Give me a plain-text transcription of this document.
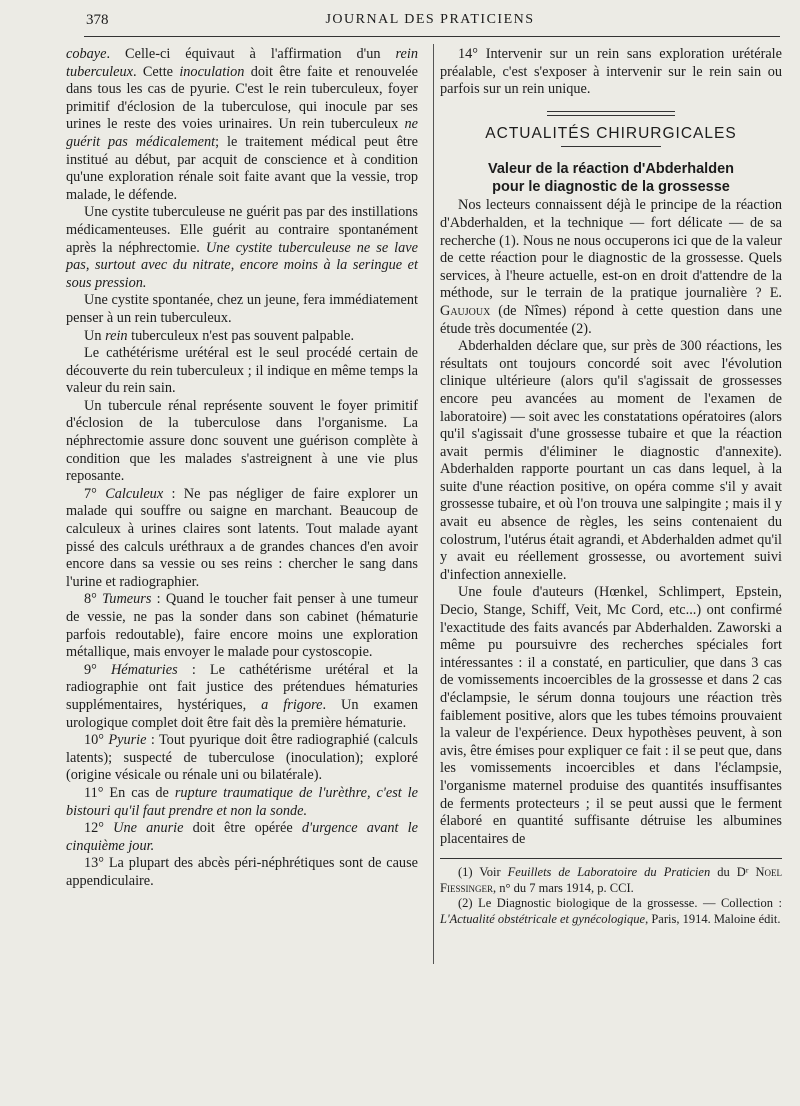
378	JOURNAL DES PRATICIENS

cobaye. Celle-ci équivaut à l'affirmation d'un rein tuberculeux. Cette inoculation doit être faite et renouvelée dans tous les cas de pyurie. C'est le rein tuberculeux, foyer primitif d'éclosion de la tuberculose, qui inocule par ses urines le reste des voies urinaires. Un rein tuberculeux ne guérit pas médicalement; le traitement médical peut être institué au début, par acquit de conscience et à condition qu'une exploration rénale soit faite avant que la vessie, trop malade, le défende.

Une cystite tuberculeuse ne guérit pas par des instillations médicamenteuses. Elle guérit au contraire spontanément après la néphrectomie. Une cystite tuberculeuse ne se lave pas, surtout avec du nitrate, encore moins à la seringue et sous pression.

Une cystite spontanée, chez un jeune, fera immédiatement penser à un rein tuberculeux.

Un rein tuberculeux n'est pas souvent palpable.

Le cathétérisme urétéral est le seul procédé certain de découverte du rein tuberculeux ; il indique en même temps la valeur du rein sain.

Un tubercule rénal représente souvent le foyer primitif d'éclosion de la tuberculose dans l'organisme. La néphrectomie assure donc souvent une guérison complète à condition que les malades s'astreignent à une vie plus reposante.

7° Calculeux : Ne pas négliger de faire explorer un malade qui souffre ou saigne en marchant. Beaucoup de calculeux à urines claires sont latents. Tout malade ayant pissé des calculs uréthraux a de grandes chances d'en avoir encore dans sa vessie ou ses reins : chercher le sang dans l'urine et radiographier.

8° Tumeurs : Quand le toucher fait penser à une tumeur de vessie, ne pas la sonder dans son cabinet (hématurie parfois redoutable), faire encore moins une exploration métallique, mais envoyer le malade pour cystoscopie.

9° Hématuries : Le cathétérisme urétéral et la radiographie ont fait justice des prétendues hématuries supplémentaires, hystériques, a frigore. Un examen urologique complet doit être fait dès la première hématurie.

10° Pyurie : Tout pyurique doit être radiographié (calculs latents); suspecté de tuberculose (inoculation); exploré (origine vésicale ou rénale uni ou bilatérale).

11° En cas de rupture traumatique de l'urèthre, c'est le bistouri qu'il faut prendre et non la sonde.

12° Une anurie doit être opérée d'urgence avant le cinquième jour.

13° La plupart des abcès péri-néphrétiques sont de cause appendiculaire.

14° Intervenir sur un rein sans exploration urétérale préalable, c'est s'exposer à intervenir sur le rein sain ou parfois sur un rein unique.

ACTUALITÉS CHIRURGICALES
Valeur de la réaction d'Abderhalden
pour le diagnostic de la grossesse

Nos lecteurs connaissent déjà le principe de la réaction d'Abderhalden, et la technique — fort délicate — de sa recherche (1). Nous ne nous occuperons ici que de la valeur de cette réaction pour le diagnostic de la grossesse. Quels services, à l'heure actuelle, est-on en droit d'attendre de la méthode, sur le terrain de la pratique journalière ? E. Gaujoux (de Nîmes) répond à cette question dans une étude très documentée (2).

Abderhalden déclare que, sur près de 300 réactions, les résultats ont toujours concordé soit avec l'évolution clinique ultérieure (alors qu'il s'agissait de grossesses encore peu avancées au moment de l'examen de laboratoire) — soit avec les constatations opératoires (alors qu'il s'agissait d'une grossesse tubaire et que la réaction avait permis d'éliminer le diagnostic d'annexite). Abderhalden rapporte pourtant un cas dans lequel, à la suite d'une réaction positive, on opéra comme s'il y avait grossesse tubaire, et où l'on trouva une salpingite ; mais il y avait eu absence de règles, les seins contenaient du colostrum, l'utérus était agrandi, et Abderhalden admet qu'il y avait eu réellement grossesse, ou avortement suivi d'infection annexielle.

Une foule d'auteurs (Hœnkel, Schlimpert, Epstein, Decio, Stange, Schiff, Veit, Mc Cord, etc...) ont confirmé l'exactitude des faits avancés par Abderhalden. Zaworski a même pu poursuivre des recherches spéciales fort intéressantes : il a constaté, en particulier, que dans 3 cas de vomissements incoercibles de la grossesse et dans 2 cas d'éclampsie, le sérum donna toujours une réaction très faiblement positive, alors que les tubes témoins prouvaient la valeur de l'expérience. Deux hypothèses peuvent, à son avis, être émises pour expliquer ce fait : il se peut que, dans les vomissements incoercibles et dans l'éclampsie, l'organisme maternel produise des quantités insuffisantes de ferments protecteurs ; il se peut aussi que le ferment élaboré en quantité suffisante détruise les albumines placentaires de

(1) Voir Feuillets de Laboratoire du Praticien du Dʳ Noel Fiessinger, n° du 7 mars 1914, p. CCI.

(2) Le Diagnostic biologique de la grossesse. — Collection : L'Actualité obstétricale et gynécologique, Paris, 1914. Maloine édit.
